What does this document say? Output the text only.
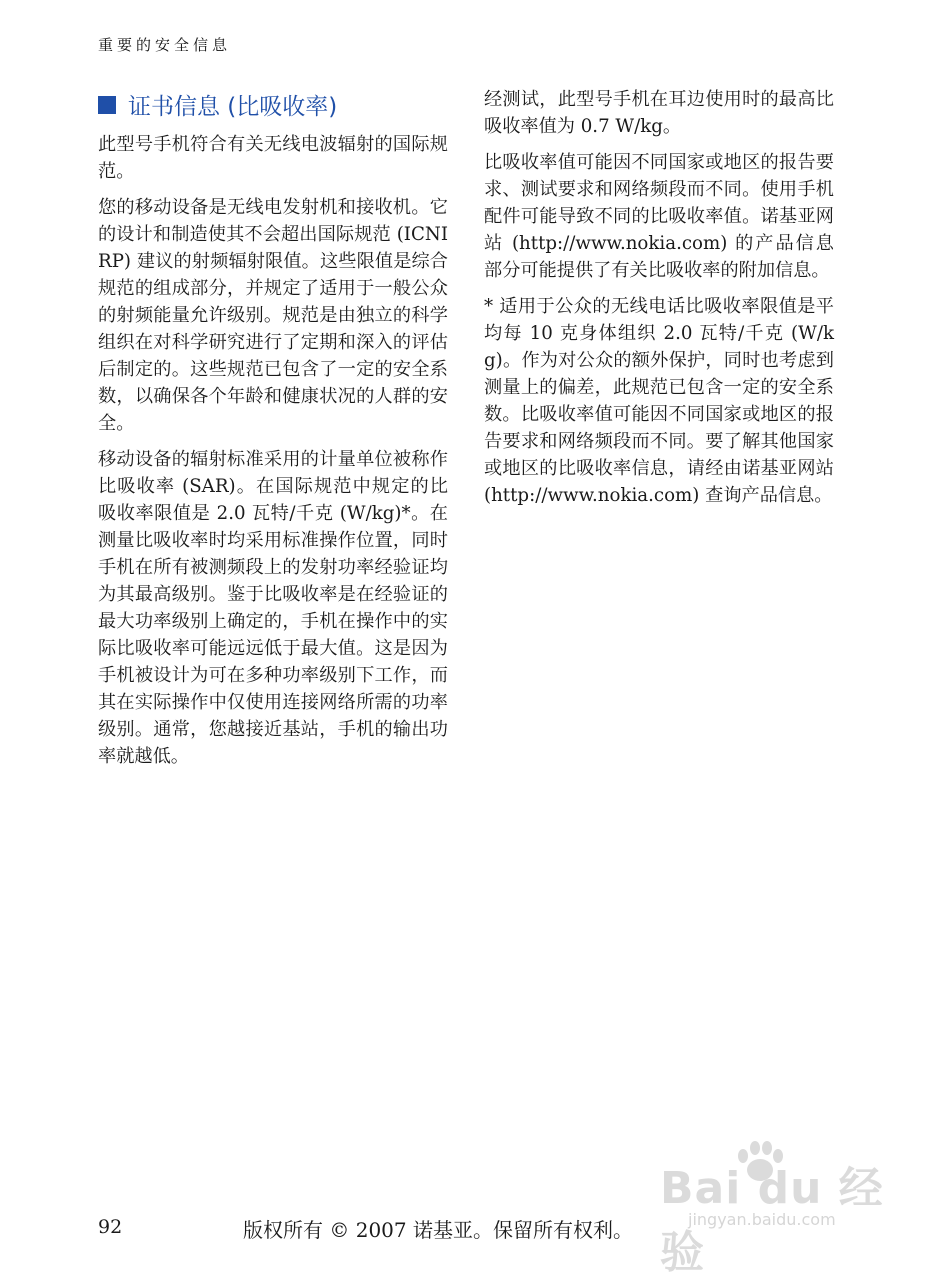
重要的安全信息
证书信息 (比吸收率)

此型号手机符合有关无线电波辐射的国际规范。

您的移动设备是无线电发射机和接收机。它的设计和制造使其不会超出国际规范 (ICNIRP) 建议的射频辐射限值。这些限值是综合规范的组成部分，并规定了适用于一般公众的射频能量允许级别。规范是由独立的科学组织在对科学研究进行了定期和深入的评估后制定的。这些规范已包含了一定的安全系数，以确保各个年龄和健康状况的人群的安全。

移动设备的辐射标准采用的计量单位被称作比吸收率 (SAR)。在国际规范中规定的比吸收率限值是 2.0 瓦特/千克 (W/kg)*。在测量比吸收率时均采用标准操作位置，同时手机在所有被测频段上的发射功率经验证均为其最高级别。鉴于比吸收率是在经验证的最大功率级别上确定的，手机在操作中的实际比吸收率可能远远低于最大值。这是因为手机被设计为可在多种功率级别下工作，而其在实际操作中仅使用连接网络所需的功率级别。通常，您越接近基站，手机的输出功率就越低。

经测试，此型号手机在耳边使用时的最高比吸收率值为 0.7 W/kg。

比吸收率值可能因不同国家或地区的报告要求、测试要求和网络频段而不同。使用手机配件可能导致不同的比吸收率值。诺基亚网站 (http://www.nokia.com) 的产品信息部分可能提供了有关比吸收率的附加信息。

* 适用于公众的无线电话比吸收率限值是平均每 10 克身体组织 2.0 瓦特/千克 (W/kg)。作为对公众的额外保护，同时也考虑到测量上的偏差，此规范已包含一定的安全系数。比吸收率值可能因不同国家或地区的报告要求和网络频段而不同。要了解其他国家或地区的比吸收率信息，请经由诺基亚网站 (http://www.nokia.com) 查询产品信息。

92	版权所有 © 2007 诺基亚。保留所有权利。
Bai du 经验
jingyan.baidu.com
